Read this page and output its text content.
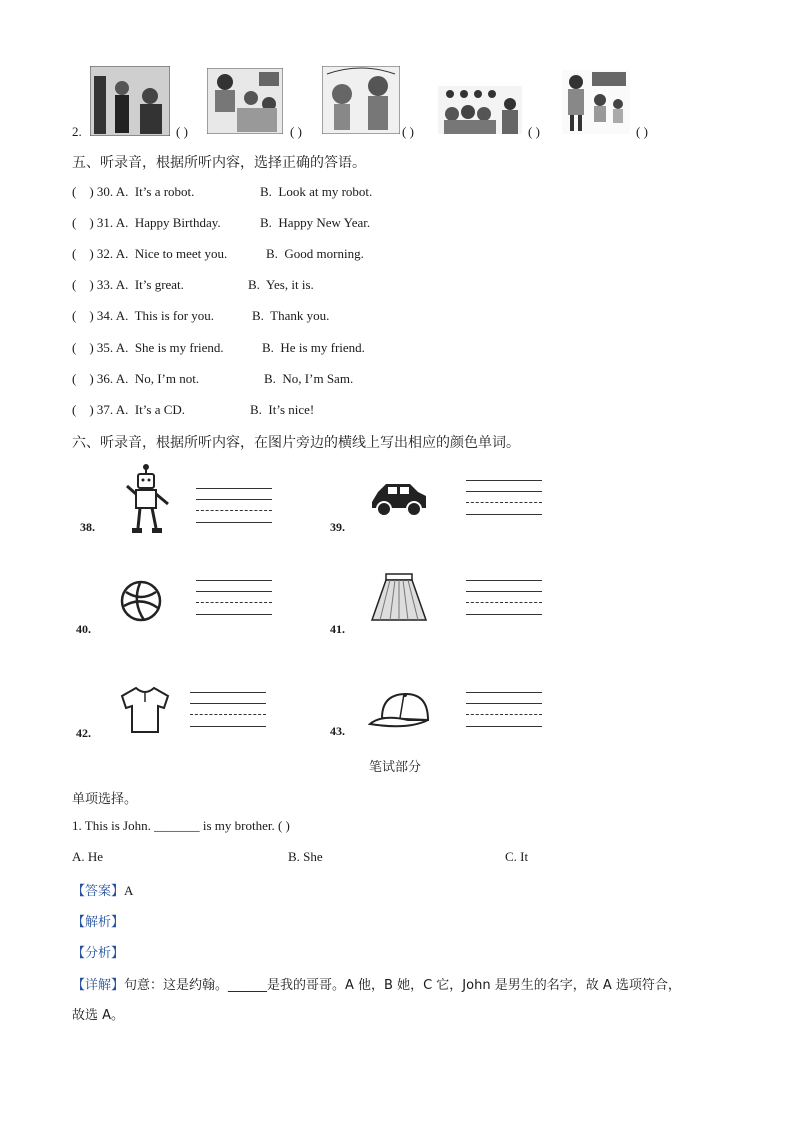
2.	( )	( )	( )	( )	( )
五、听录音，根据所听内容，选择正确的答语。
(    ) 30. A.  It’s a robot.	B.  Look at my robot.
(    ) 31. A.  Happy Birthday.	B.  Happy New Year.
(    ) 32. A.  Nice to meet you.	B.  Good morning.
(    ) 33. A.  It’s great.	B.  Yes, it is.
(    ) 34. A.  This is for you.	B.  Thank you.
(    ) 35. A.  She is my friend.	B.  He is my friend.
(    ) 36. A.  No, I’m not.	B.  No, I’m Sam.
(    ) 37. A.  It’s a CD.	B.  It’s nice!
六、听录音，根据所听内容，在图片旁边的横线上写出相应的颜色单词。
38.	39.
40.	41.
42.	43.
笔试部分
单项选择。
1. This is John. _______ is my brother. ( )
A. He	B. She	C. It
【答案】A
【解析】
【分析】
【详解】句意：这是约翰。______是我的哥哥。A 他，B 她，C 它，John 是男生的名字，故 A 选项符合，
故选 A。
